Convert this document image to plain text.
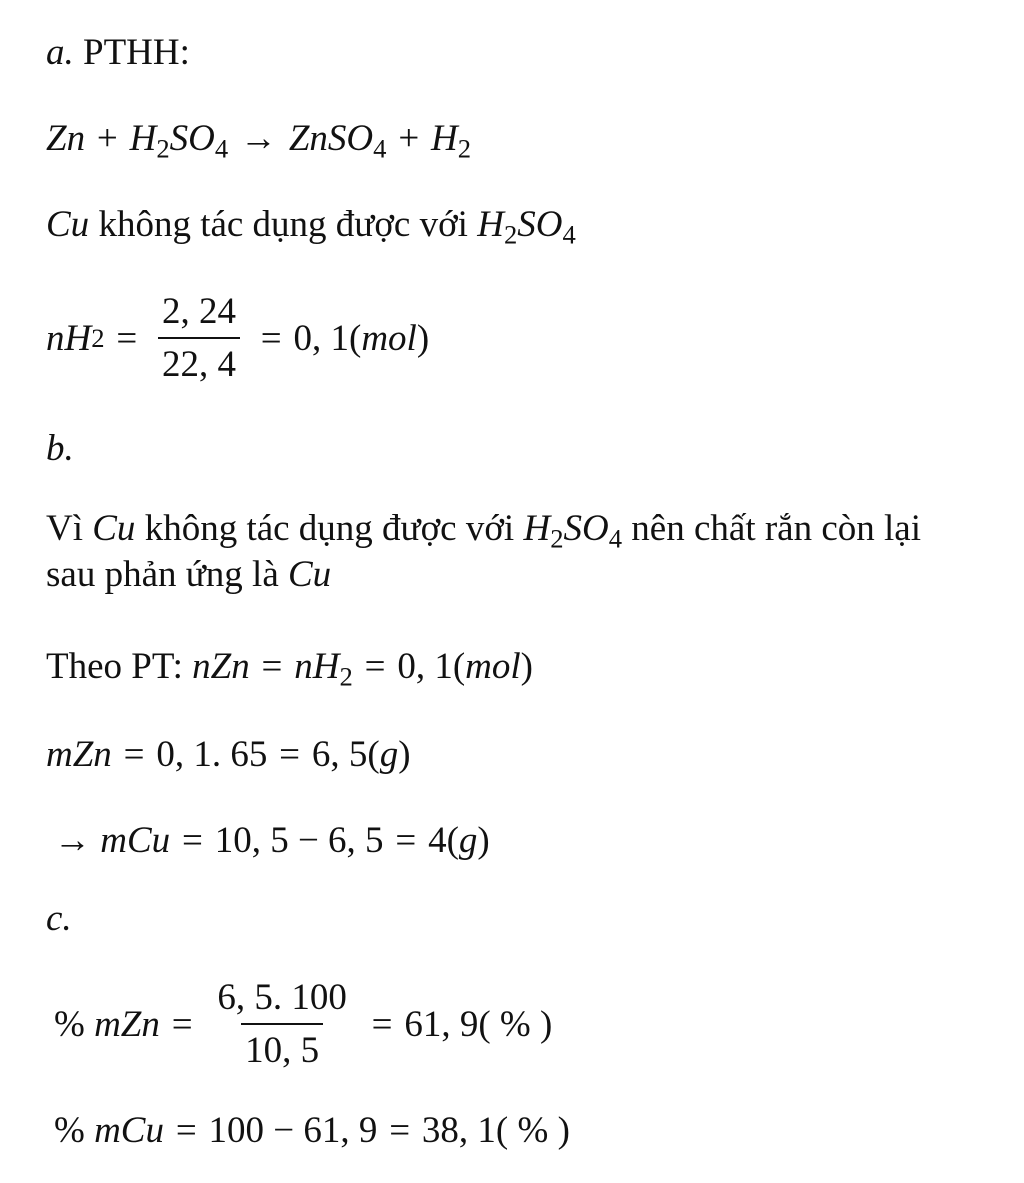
a. PTHH:
$Zn + H_2SO_4$ → ZnSO$_4$ + $H_2$
Cu không tác dụng được với $H_2SO_4$
nH $2 = \frac{2, 24}{22, 4} = 0$, 1( mol )
b.
Vì Cu không tác dụng được với $H_2SO_4$ nên chất rắn còn lại sau phản ứng là Cu
Theo PT: nZn = $nH_2 = 0$, 1(mol)
mZn = 0, 1. 65 = 6, 5(g)
→ mCu = 10, 5 − 6, 5 = 4(g)
c.
%
mZn = $\frac{6, 5. 100}{10, 5} = 61$, 9( % )
% mCu = 100 − 61, 9 = 38, 1( % )
